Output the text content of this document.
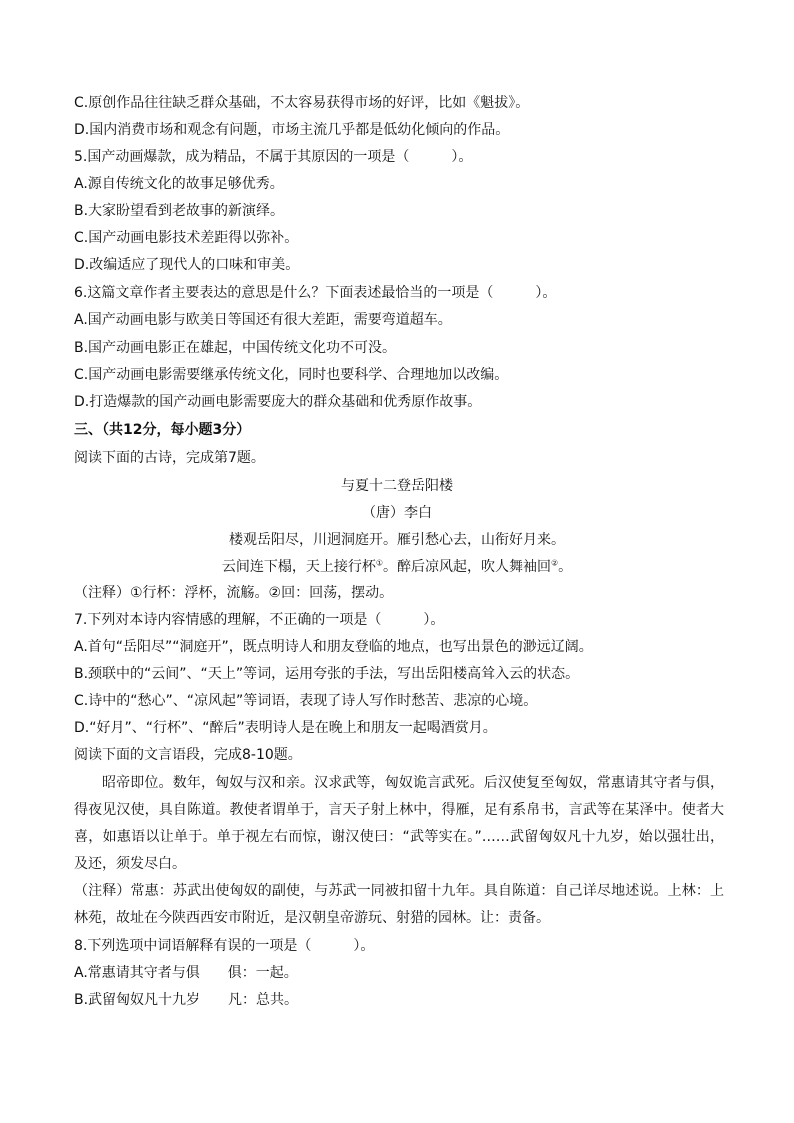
C.原创作品往往缺乏群众基础，不太容易获得市场的好评，比如《魁拔》。
D.国内消费市场和观念有问题，市场主流几乎都是低幼化倾向的作品。
5.国产动画爆款，成为精品，不属于其原因的一项是（　　　）。
A.源自传统文化的故事足够优秀。
B.大家盼望看到老故事的新演绎。
C.国产动画电影技术差距得以弥补。
D.改编适应了现代人的口味和审美。
6.这篇文章作者主要表达的意思是什么？下面表述最恰当的一项是（　　　）。
A.国产动画电影与欧美日等国还有很大差距，需要弯道超车。
B.国产动画电影正在雄起，中国传统文化功不可没。
C.国产动画电影需要继承传统文化，同时也要科学、合理地加以改编。
D.打造爆款的国产动画电影需要庞大的群众基础和优秀原作故事。
三、（共12分，每小题3分）
阅读下面的古诗，完成第7题。
与夏十二登岳阳楼
（唐）李白
楼观岳阳尽，川迥洞庭开。雁引愁心去，山衔好月来。
云间连下榻，天上接行杯①。醉后凉风起，吹人舞袖回②。
（注释）①行杯：浮杯，流觞。②回：回荡，摆动。
7.下列对本诗内容情感的理解，不正确的一项是（　　　）。
A.首句“岳阳尽”“洞庭开”，既点明诗人和朋友登临的地点，也写出景色的渺远辽阔。
B.颈联中的“云间”、“天上”等词，运用夸张的手法，写出岳阳楼高耸入云的状态。
C.诗中的“愁心”、“凉风起”等词语，表现了诗人写作时愁苦、悲凉的心境。
D.“好月”、“行杯”、“醉后”表明诗人是在晚上和朋友一起喝酒赏月。
阅读下面的文言语段，完成8-10题。
昭帝即位。数年，匈奴与汉和亲。汉求武等，匈奴诡言武死。后汉使复至匈奴，常惠请其守者与俱，得夜见汉使，具自陈道。教使者谓单于，言天子射上林中，得雁，足有系帛书，言武等在某泽中。使者大喜，如惠语以让单于。单于视左右而惊，谢汉使曰：“武等实在。”……武留匈奴凡十九岁，始以强壮出，及还，须发尽白。
（注释）常惠：苏武出使匈奴的副使，与苏武一同被扣留十九年。具自陈道：自己详尽地述说。上林：上林苑，故址在今陕西西安市附近，是汉朝皇帝游玩、射猎的园林。让：责备。
8.下列选项中词语解释有误的一项是（　　　）。
A.常惠请其守者与俱　　俱：一起。
B.武留匈奴凡十九岁　　凡：总共。
